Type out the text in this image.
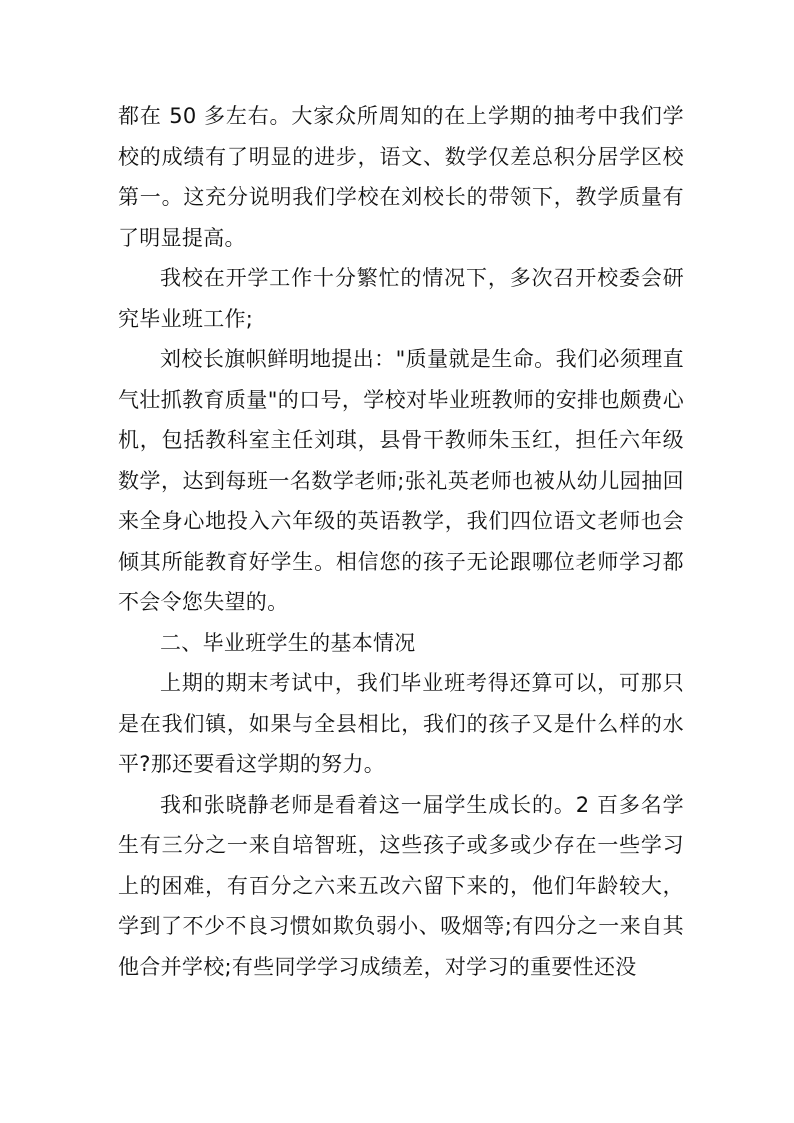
都在 50 多左右。大家众所周知的在上学期的抽考中我们学校的成绩有了明显的进步，语文、数学仅差总积分居学区校第一。这充分说明我们学校在刘校长的带领下，教学质量有了明显提高。

我校在开学工作十分繁忙的情况下，多次召开校委会研究毕业班工作;

刘校长旗帜鲜明地提出："质量就是生命。我们必须理直气壮抓教育质量"的口号，学校对毕业班教师的安排也颇费心机，包括教科室主任刘琪，县骨干教师朱玉红，担任六年级数学，达到每班一名数学老师;张礼英老师也被从幼儿园抽回来全身心地投入六年级的英语教学，我们四位语文老师也会倾其所能教育好学生。相信您的孩子无论跟哪位老师学习都不会令您失望的。

二、毕业班学生的基本情况

上期的期末考试中，我们毕业班考得还算可以，可那只是在我们镇，如果与全县相比，我们的孩子又是什么样的水平?那还要看这学期的努力。

我和张晓静老师是看着这一届学生成长的。2 百多名学生有三分之一来自培智班，这些孩子或多或少存在一些学习上的困难，有百分之六来五改六留下来的，他们年龄较大，学到了不少不良习惯如欺负弱小、吸烟等;有四分之一来自其他合并学校;有些同学学习成绩差，对学习的重要性还没
